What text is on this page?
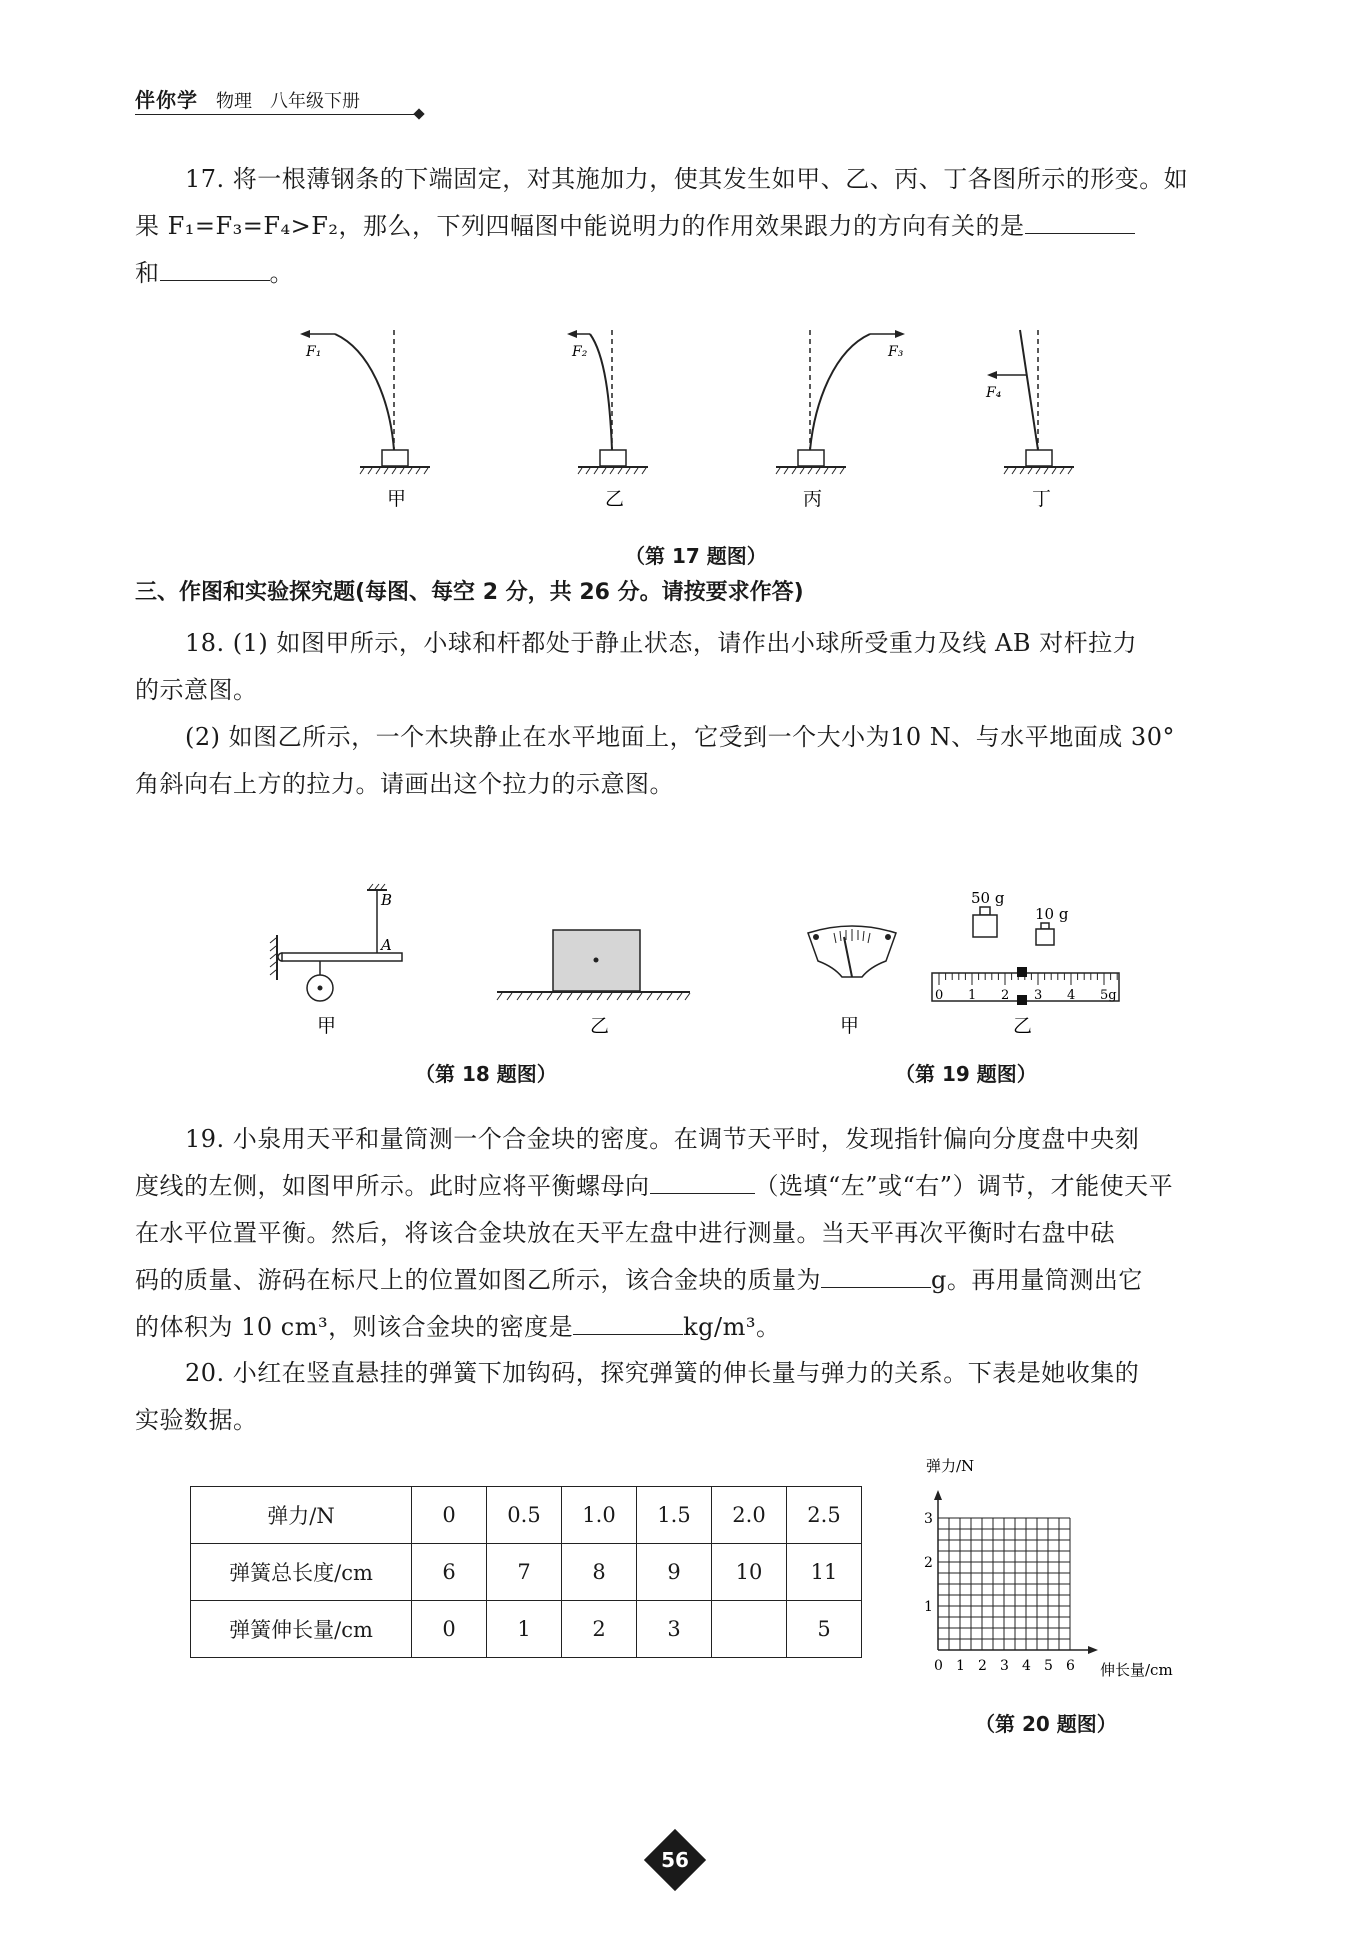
伴你学 物理 八年级下册
17. 将一根薄钢条的下端固定，对其施加力，使其发生如甲、乙、丙、丁各图所示的形变。如
果 F₁=F₃=F₄>F₂，那么，下列四幅图中能说明力的作用效果跟力的方向有关的是
和	。
F₁
甲
F₂
乙
F₃
丙
F₄
丁
（第 17 题图）
三、作图和实验探究题(每图、每空 2 分，共 26 分。请按要求作答)
18. (1) 如图甲所示，小球和杆都处于静止状态，请作出小球所受重力及线 AB 对杆拉力
的示意图。
(2) 如图乙所示，一个木块静止在水平地面上，它受到一个大小为10 N、与水平地面成 30°
角斜向右上方的拉力。请画出这个拉力的示意图。
B
A
甲	乙
（第 18 题图）
甲
50 g
10 g
0 1 2 3 4 5g
乙
（第 19 题图）
19. 小泉用天平和量筒测一个合金块的密度。在调节天平时，发现指针偏向分度盘中央刻
度线的左侧，如图甲所示。此时应将平衡螺母向	（选填“左”或“右”）调节，才能使天平
在水平位置平衡。然后，将该合金块放在天平左盘中进行测量。当天平再次平衡时右盘中砝
码的质量、游码在标尺上的位置如图乙所示，该合金块的质量为	g。再用量筒测出它
的体积为 10 cm³，则该合金块的密度是	kg/m³。
20. 小红在竖直悬挂的弹簧下加钩码，探究弹簧的伸长量与弹力的关系。下表是她收集的
实验数据。
弹力/N	0	0.5	1.0	1.5	2.0	2.5
弹簧总长度/cm	6	7	8	9	10	11
弹簧伸长量/cm	0	1	2	3		5
0 1 2 3 4 5 6
1
2
3
弹力/N
伸长量/cm
（第 20 题图）
56
